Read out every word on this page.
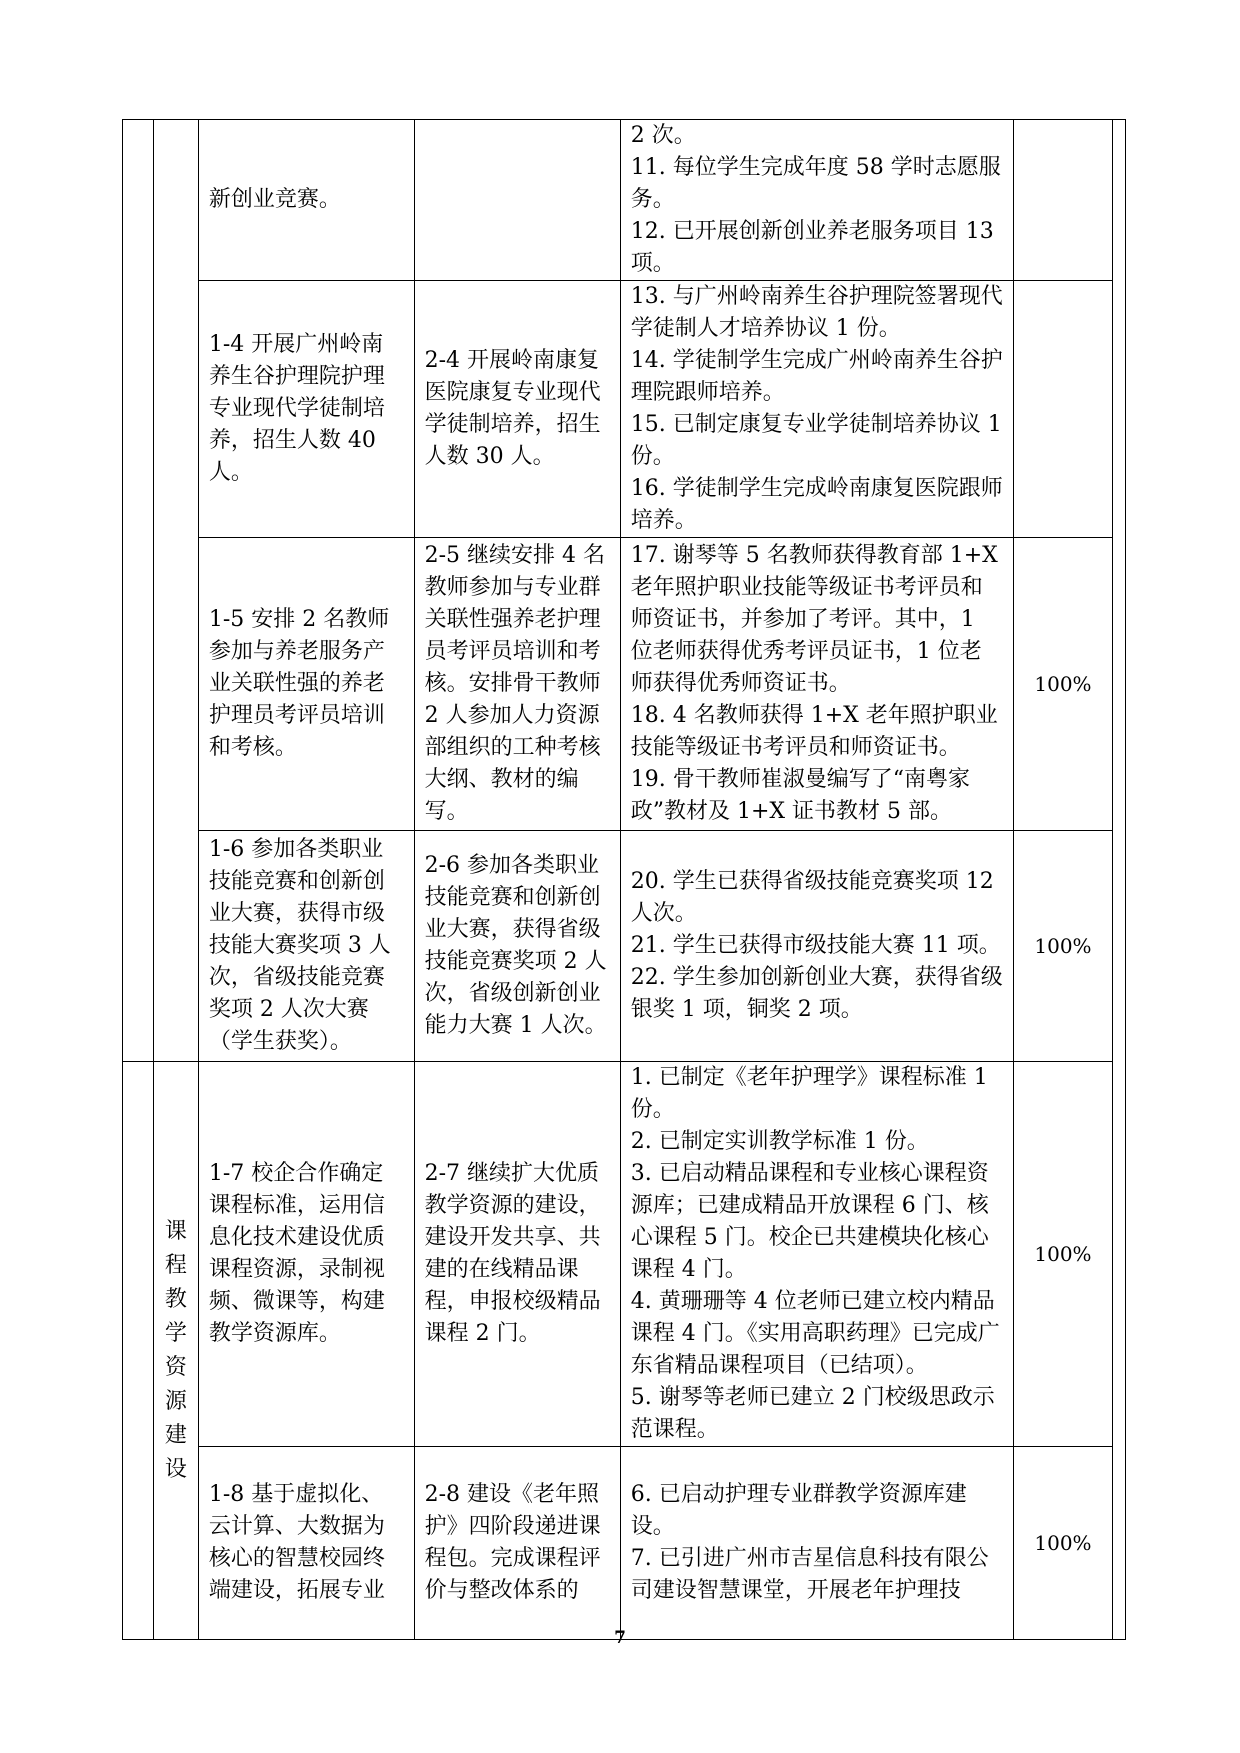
		新创业竞赛。		2 次。
11. 每位学生完成年度 58 学时志愿服务。
12. 已开展创新创业养老服务项目 13 项。		

		1-4 开展广州岭南养生谷护理院护理专业现代学徒制培养，招生人数 40 人。	2-4 开展岭南康复医院康复专业现代学徒制培养，招生人数 30 人。	13. 与广州岭南养生谷护理院签署现代学徒制人才培养协议 1 份。
14. 学徒制学生完成广州岭南养生谷护理院跟师培养。
15. 已制定康复专业学徒制培养协议 1 份。
16. 学徒制学生完成岭南康复医院跟师培养。		

		1-5 安排 2 名教师参加与养老服务产业关联性强的养老护理员考评员培训和考核。	2-5 继续安排 4 名教师参加与专业群关联性强养老护理员考评员培训和考核。安排骨干教师 2 人参加人力资源部组织的工种考核大纲、教材的编写。	17. 谢琴等 5 名教师获得教育部 1+X 老年照护职业技能等级证书考评员和师资证书，并参加了考评。其中，1 位老师获得优秀考评员证书，1 位老师获得优秀师资证书。
18. 4 名教师获得 1+X 老年照护职业技能等级证书考评员和师资证书。
19. 骨干教师崔淑曼编写了“南粤家政”教材及 1+X 证书教材 5 部。	100%	

		1-6 参加各类职业技能竞赛和创新创业大赛，获得市级技能大赛奖项 3 人次，省级技能竞赛奖项 2 人次大赛（学生获奖）。	2-6 参加各类职业技能竞赛和创新创业大赛，获得省级技能竞赛奖项 2 人次，省级创新创业能力大赛 1 人次。	20. 学生已获得省级技能竞赛奖项 12 人次。
21. 学生已获得市级技能大赛 11 项。
22. 学生参加创新创业大赛，获得省级银奖 1 项，铜奖 2 项。	100%	

	课程教学资源建设	1-7 校企合作确定课程标准，运用信息化技术建设优质课程资源，录制视频、微课等，构建教学资源库。	2-7 继续扩大优质教学资源的建设，建设开发共享、共建的在线精品课程，申报校级精品课程 2 门。	1. 已制定《老年护理学》课程标准 1 份。
2. 已制定实训教学标准 1 份。
3. 已启动精品课程和专业核心课程资源库；已建成精品开放课程 6 门、核心课程 5 门。校企已共建模块化核心课程 4 门。
4. 黄珊珊等 4 位老师已建立校内精品课程 4 门。《实用高职药理》已完成广东省精品课程项目（已结项）。
5. 谢琴等老师已建立 2 门校级思政示范课程。	100%	

		1-8 基于虚拟化、云计算、大数据为核心的智慧校园终端建设，拓展专业	2-8 建设《老年照护》四阶段递进课程包。完成课程评价与整改体系的	6. 已启动护理专业群教学资源库建设。
7. 已引进广州市吉星信息科技有限公司建设智慧课堂，开展老年护理技	100%	
7
